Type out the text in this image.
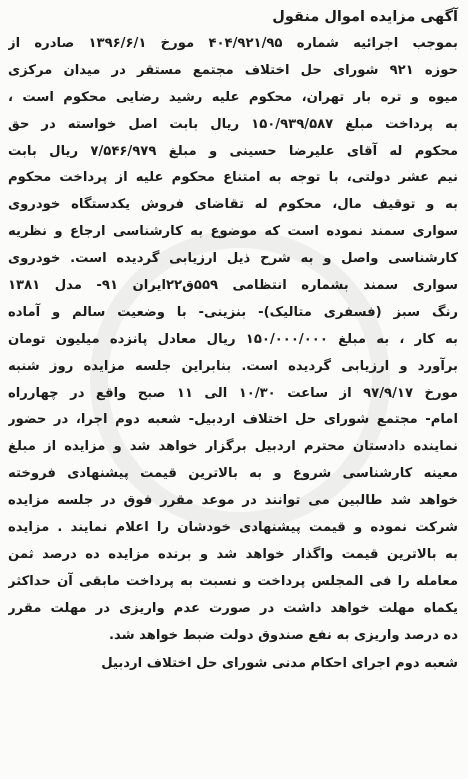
آگهی مزایده اموال منقول
بموجب اجرائیه شماره ۴۰۴/۹۲۱/۹۵ مورخ ۱۳۹۶/۶/۱ صادره از
حوزه ۹۲۱ شورای حل اختلاف مجتمع مستقر در میدان مرکزی
میوه و تره بار تهران، محکوم علیه رشید رضایی محکوم است ،
به پرداخت مبلغ ۱۵۰/۹۳۹/۵۸۷ ریال بابت اصل خواسته در حق
محکوم له آقای علیرضا حسینی و مبلغ ۷/۵۴۶/۹۷۹ ریال بابت
نیم عشر دولتی، با توجه به امتناع محکوم علیه از پرداخت محکوم
به و توقیف مال، محکوم له تقاضای فروش یکدستگاه خودروی
سواری سمند نموده است که موضوع به کارشناسی ارجاع و نظریه
کارشناسی واصل و به شرح ذیل ارزیابی گردیده است. خودروی
سواری سمند بشماره انتظامی ۵۵۹ق۲۲ایران ۹۱- مدل ۱۳۸۱
رنگ سبز (فسفری متالیک)- بنزینی- با وضعیت سالم و آماده
به کار ، به مبلغ ۱۵۰/۰۰۰/۰۰۰ ریال معادل پانزده میلیون تومان
برآورد و ارزیابی گردیده است. بنابراین جلسه مزایده روز شنبه
مورخ ۹۷/۹/۱۷ از ساعت ۱۰/۳۰ الی ۱۱ صبح واقع در چهارراه
امام- مجتمع شورای حل اختلاف اردبیل- شعبه دوم اجرا، در حضور
نماینده دادستان محترم اردبیل برگزار خواهد شد و مزایده از مبلغ
معینه کارشناسی شروع و به بالاترین قیمت پیشنهادی فروخته
خواهد شد طالبین می توانند در موعد مقرر فوق در جلسه مزایده
شرکت نموده و قیمت پیشنهادی خودشان را اعلام نمایند . مزایده
به بالاترین قیمت واگذار خواهد شد و برنده مزایده ده درصد ثمن
معامله را فی المجلس پرداخت و نسبت به پرداخت مابقی آن حداکثر
یکماه مهلت خواهد داشت در صورت عدم واریزی در مهلت مقرر
ده درصد واریزی به نفع صندوق دولت ضبط خواهد شد.
شعبه دوم اجرای احکام مدنی شورای حل اختلاف اردبیل
